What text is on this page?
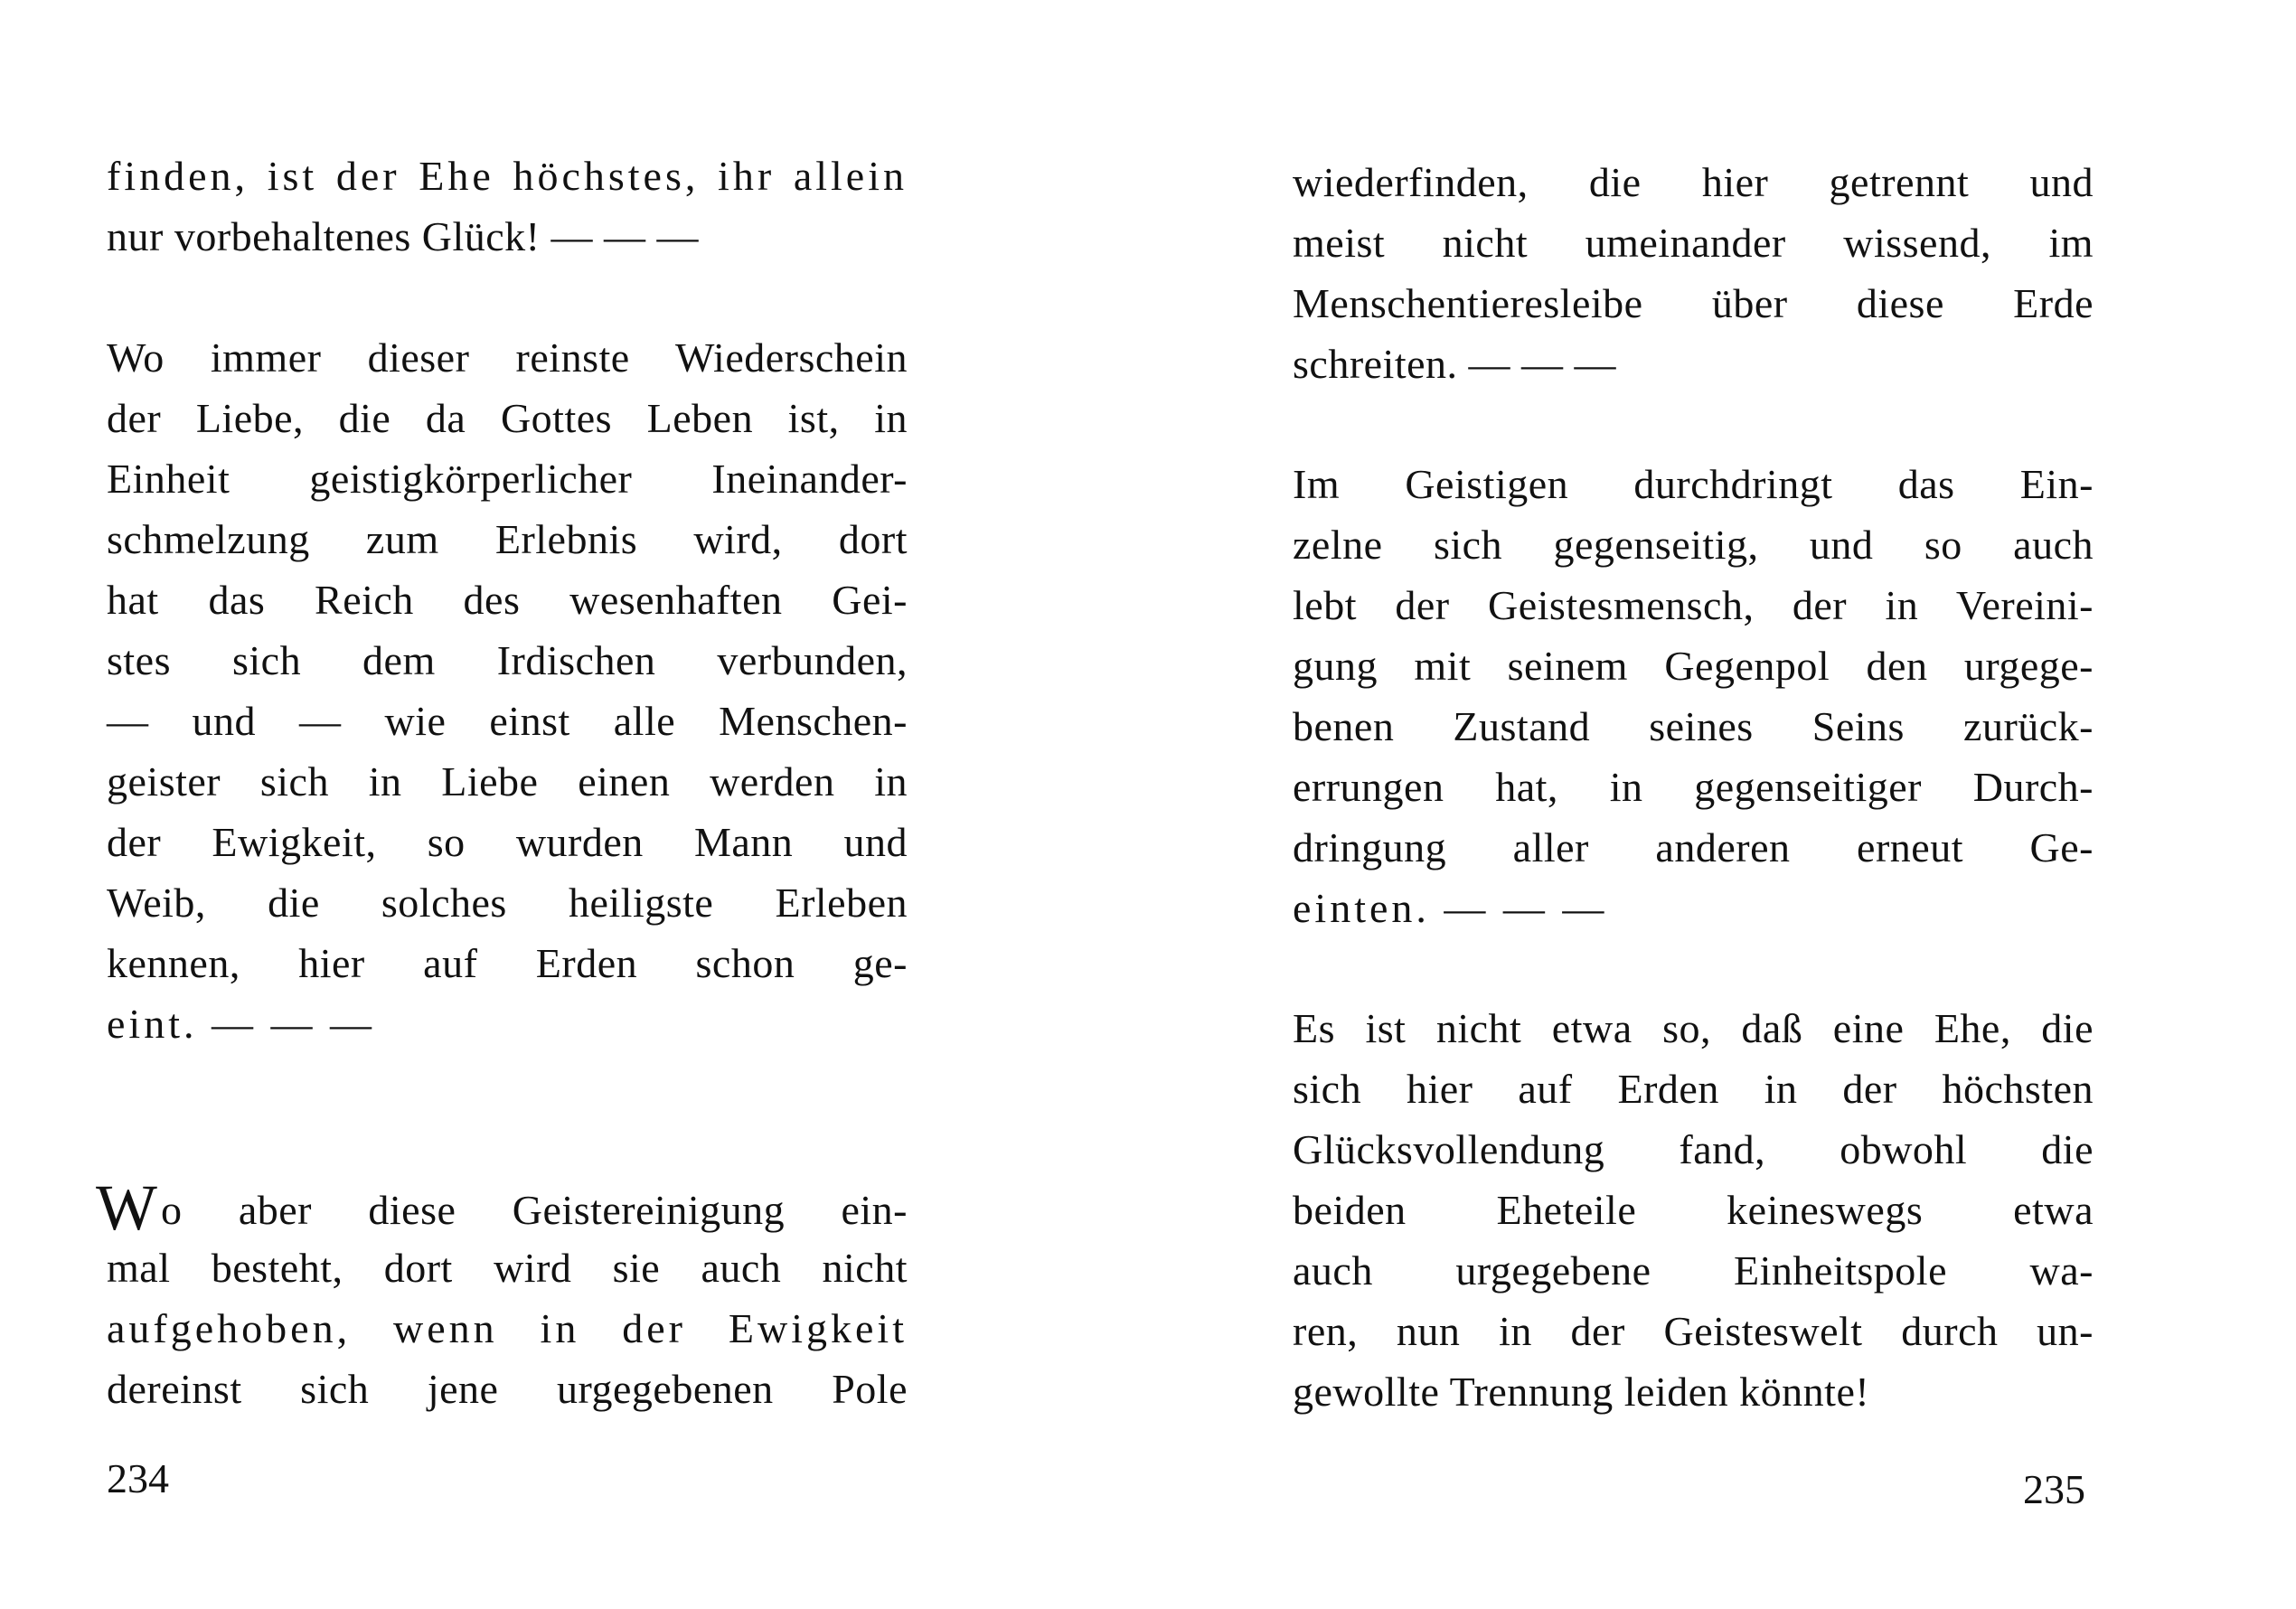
finden, ist der Ehe höchstes, ihr allein
nur vorbehaltenes Glück! — — —
Wo immer dieser reinste Wiederschein
der Liebe, die da Gottes Leben ist, in
Einheit geistigkörperlicher Ineinander-
schmelzung zum Erlebnis wird, dort
hat das Reich des wesenhaften Gei-
stes sich dem Irdischen verbunden,
— und — wie einst alle Menschen-
geister sich in Liebe einen werden in
der Ewigkeit, so wurden Mann und
Weib, die solches heiligste Erleben
kennen, hier auf Erden schon ge-
eint. — — —
Wo aber diese Geistereinigung ein-
mal besteht, dort wird sie auch nicht
aufgehoben, wenn in der Ewigkeit
dereinst sich jene urgegebenen Pole
234
wiederfinden, die hier getrennt und
meist nicht umeinander wissend, im
Menschentieresleibe über diese Erde
schreiten. — — —
Im Geistigen durchdringt das Ein-
zelne sich gegenseitig, und so auch
lebt der Geistesmensch, der in Vereini-
gung mit seinem Gegenpol den urgege-
benen Zustand seines Seins zurück-
errungen hat, in gegenseitiger Durch-
dringung aller anderen erneut Ge-
einten. — — —
Es ist nicht etwa so, daß eine Ehe, die
sich hier auf Erden in der höchsten
Glücksvollendung fand, obwohl die
beiden Eheteile keineswegs etwa
auch urgegebene Einheitspole wa-
ren, nun in der Geisteswelt durch un-
gewollte Trennung leiden könnte!
235
